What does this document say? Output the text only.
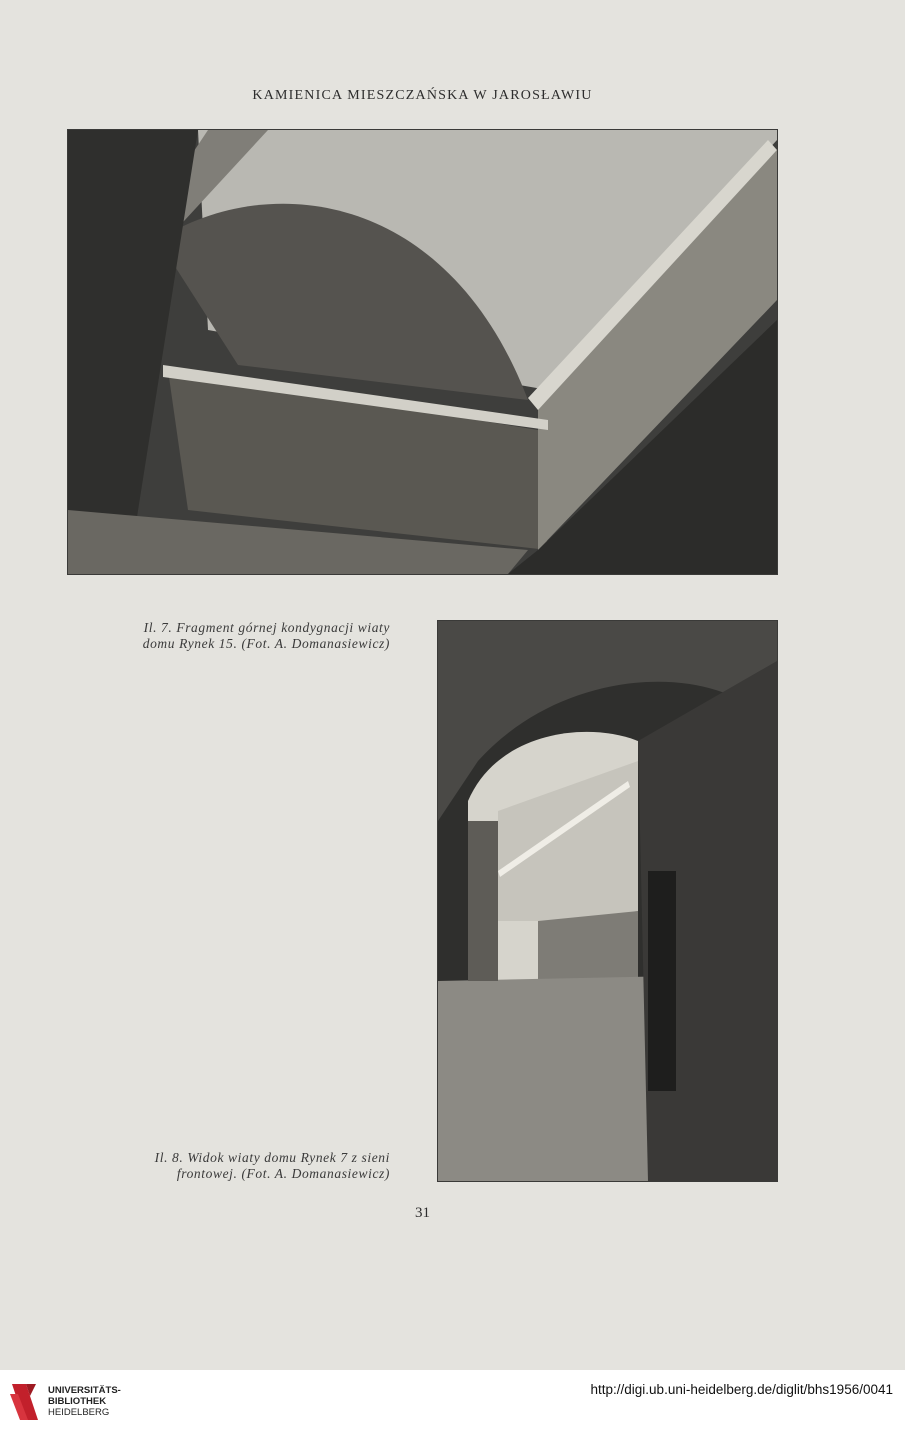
KAMIENICA MIESZCZAŃSKA W JAROSŁAWIU
Il. 7. Fragment górnej kondygnacji wiaty
domu Rynek 15. (Fot. A. Domanasiewicz)
Il. 8. Widok wiaty domu Rynek 7 z sieni
frontowej. (Fot. A. Domanasiewicz)
31
UNIVERSITÄTS-
BIBLIOTHEK
HEIDELBERG
http://digi.ub.uni-heidelberg.de/diglit/bhs1956/0041
